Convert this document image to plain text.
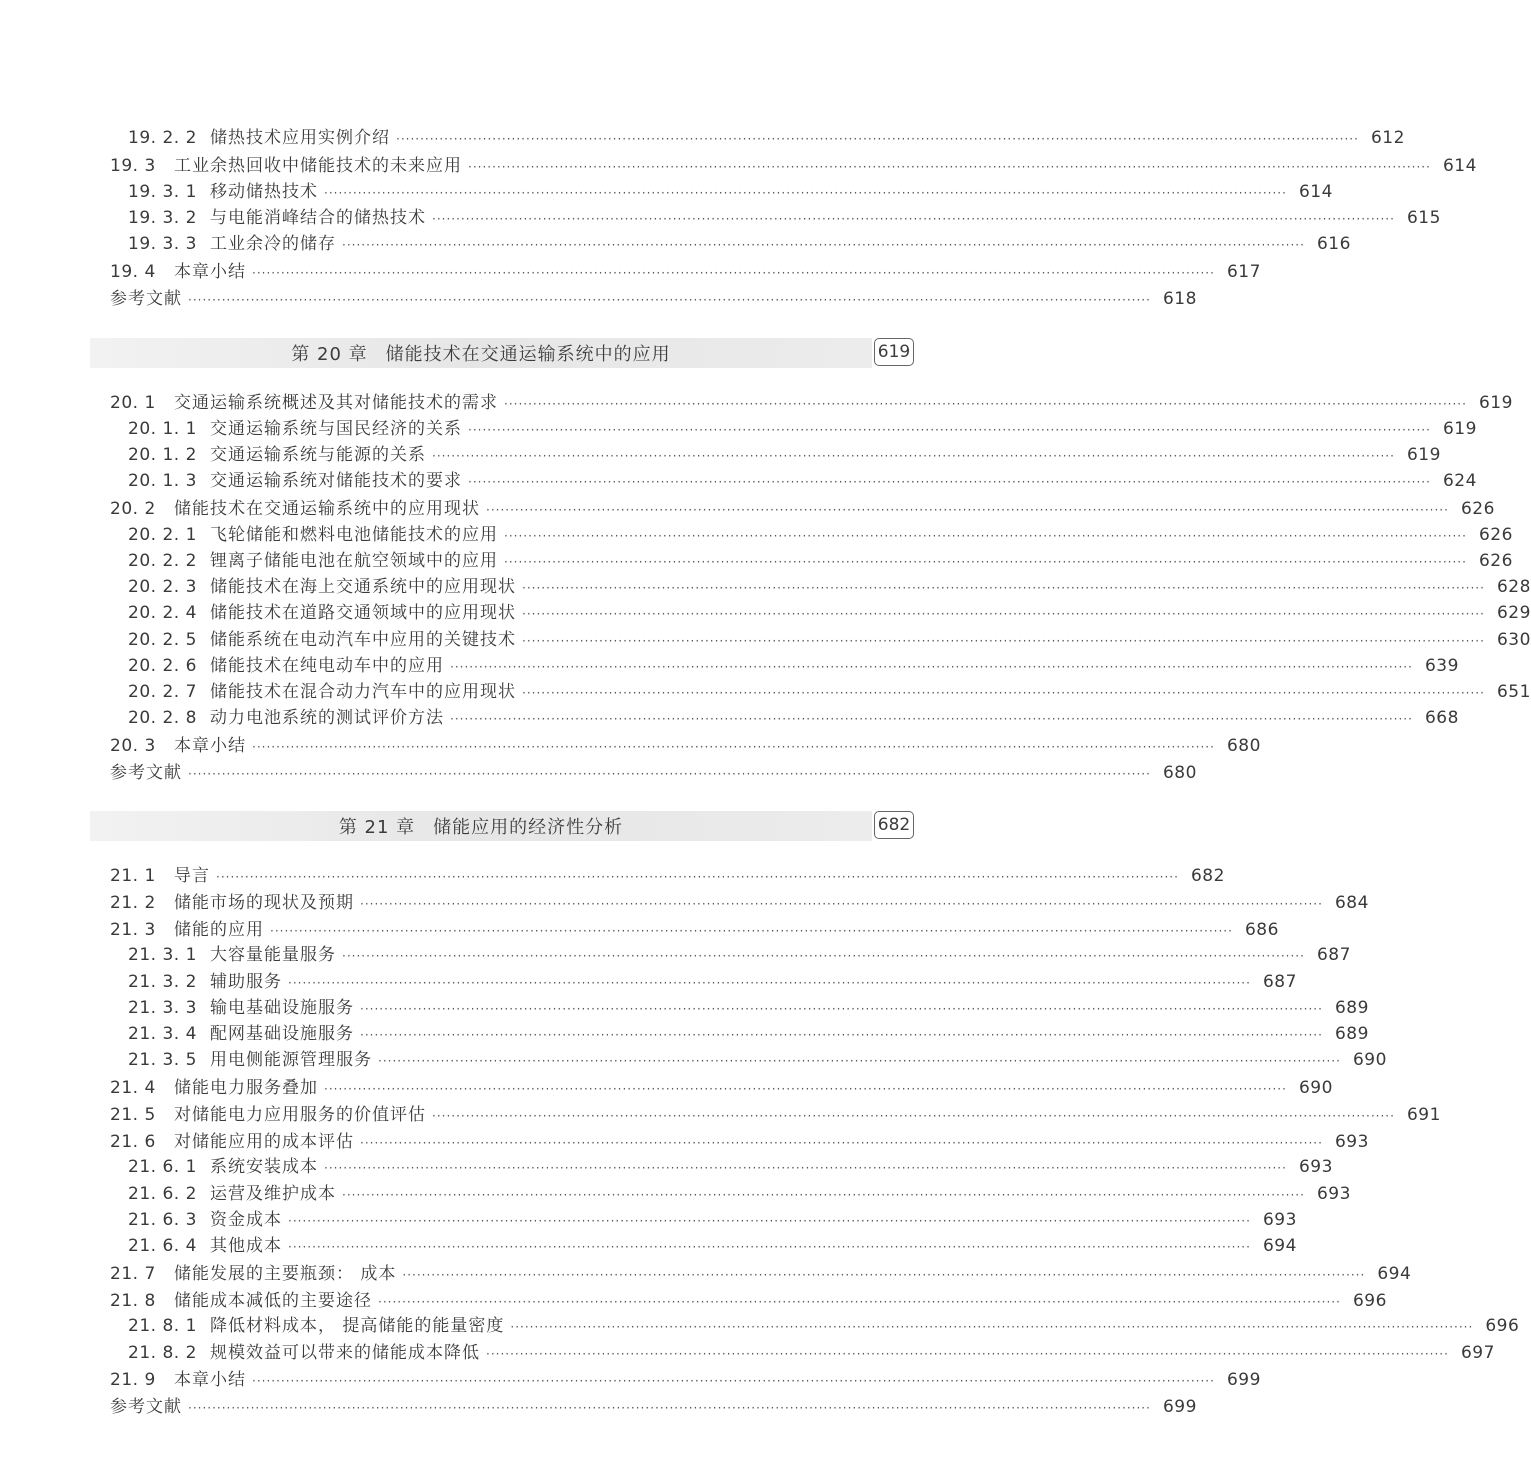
19. 2. 2 储热技术应用实例介绍 ········································································································································································································ 612
19. 3	工业余热回收中储能技术的未来应用 ········································································································································································································ 614
19. 3. 1 移动储热技术 ········································································································································································································ 614
19. 3. 2 与电能消峰结合的储热技术 ········································································································································································································ 615
19. 3. 3 工业余冷的储存 ········································································································································································································ 616
19. 4	本章小结 ········································································································································································································ 617
参考文献 ········································································································································································································ 618
第 20 章 储能技术在交通运输系统中的应用	619
20. 1	交通运输系统概述及其对储能技术的需求 ········································································································································································································ 619
20. 1. 1 交通运输系统与国民经济的关系 ········································································································································································································ 619
20. 1. 2 交通运输系统与能源的关系 ········································································································································································································ 619
20. 1. 3 交通运输系统对储能技术的要求 ········································································································································································································ 624
20. 2	储能技术在交通运输系统中的应用现状 ········································································································································································································ 626
20. 2. 1 飞轮储能和燃料电池储能技术的应用 ········································································································································································································ 626
20. 2. 2 锂离子储能电池在航空领域中的应用 ········································································································································································································ 626
20. 2. 3 储能技术在海上交通系统中的应用现状 ········································································································································································································ 628
20. 2. 4 储能技术在道路交通领域中的应用现状 ········································································································································································································ 629
20. 2. 5 储能系统在电动汽车中应用的关键技术 ········································································································································································································ 630
20. 2. 6 储能技术在纯电动车中的应用 ········································································································································································································ 639
20. 2. 7 储能技术在混合动力汽车中的应用现状 ········································································································································································································ 651
20. 2. 8 动力电池系统的测试评价方法 ········································································································································································································ 668
20. 3	本章小结 ········································································································································································································ 680
参考文献 ········································································································································································································ 680
第 21 章 储能应用的经济性分析	682
21. 1	导言 ········································································································································································································ 682
21. 2	储能市场的现状及预期 ········································································································································································································ 684
21. 3	储能的应用 ········································································································································································································ 686
21. 3. 1 大容量能量服务 ········································································································································································································ 687
21. 3. 2 辅助服务 ········································································································································································································ 687
21. 3. 3 输电基础设施服务 ········································································································································································································ 689
21. 3. 4 配网基础设施服务 ········································································································································································································ 689
21. 3. 5 用电侧能源管理服务 ········································································································································································································ 690
21. 4	储能电力服务叠加 ········································································································································································································ 690
21. 5	对储能电力应用服务的价值评估 ········································································································································································································ 691
21. 6	对储能应用的成本评估 ········································································································································································································ 693
21. 6. 1 系统安装成本 ········································································································································································································ 693
21. 6. 2 运营及维护成本 ········································································································································································································ 693
21. 6. 3 资金成本 ········································································································································································································ 693
21. 6. 4 其他成本 ········································································································································································································ 694
21. 7	储能发展的主要瓶颈： 成本 ········································································································································································································ 694
21. 8	储能成本减低的主要途径 ········································································································································································································ 696
21. 8. 1 降低材料成本， 提高储能的能量密度 ········································································································································································································ 696
21. 8. 2 规模效益可以带来的储能成本降低 ········································································································································································································ 697
21. 9	本章小结 ········································································································································································································ 699
参考文献 ········································································································································································································ 699
